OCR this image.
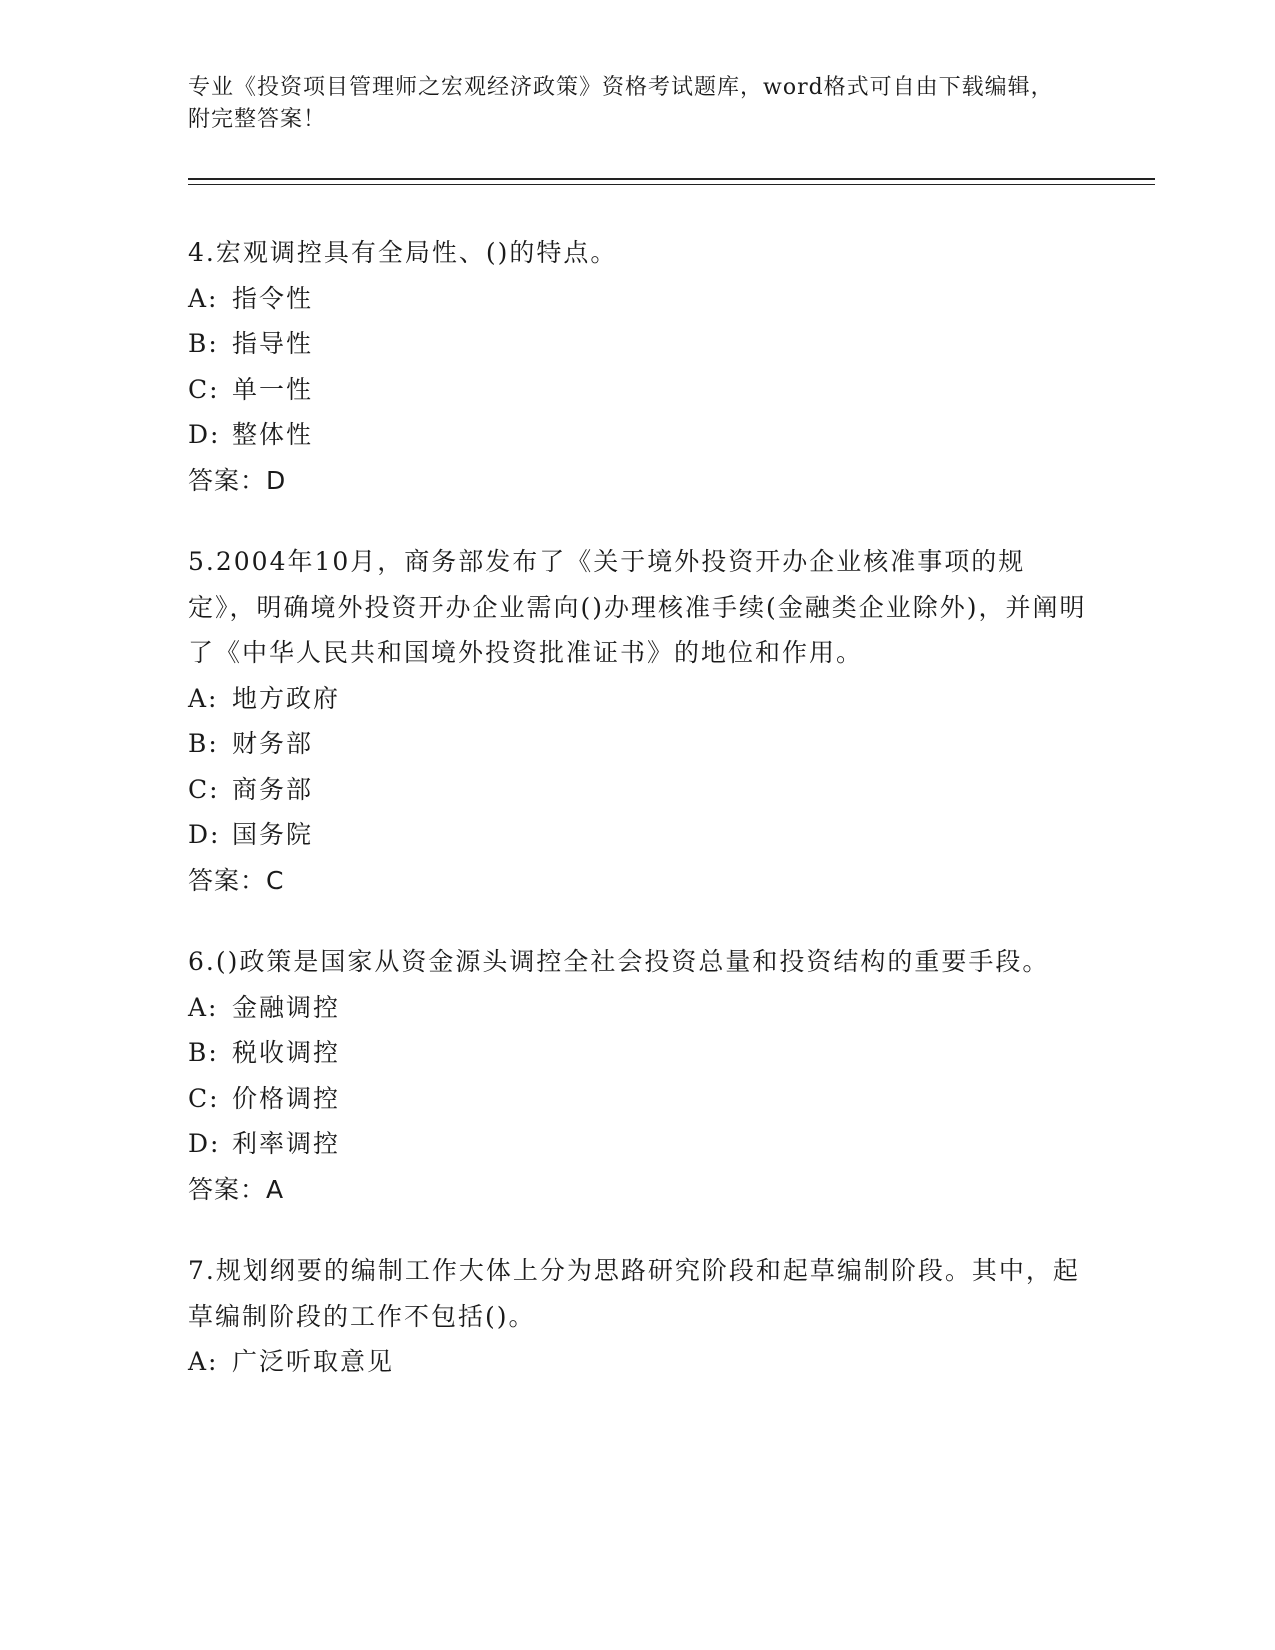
专业《投资项目管理师之宏观经济政策》资格考试题库，word格式可自由下载编辑，附完整答案！
4.宏观调控具有全局性、()的特点。
A: 指令性
B: 指导性
C: 单一性
D: 整体性
答案：D
5.2004年10月，商务部发布了《关于境外投资开办企业核准事项的规定》，明确境外投资开办企业需向()办理核准手续(金融类企业除外)，并阐明了《中华人民共和国境外投资批准证书》的地位和作用。
A: 地方政府
B: 财务部
C: 商务部
D: 国务院
答案：C
6.()政策是国家从资金源头调控全社会投资总量和投资结构的重要手段。
A: 金融调控
B: 税收调控
C: 价格调控
D: 利率调控
答案：A
7.规划纲要的编制工作大体上分为思路研究阶段和起草编制阶段。其中，起草编制阶段的工作不包括()。
A: 广泛听取意见
